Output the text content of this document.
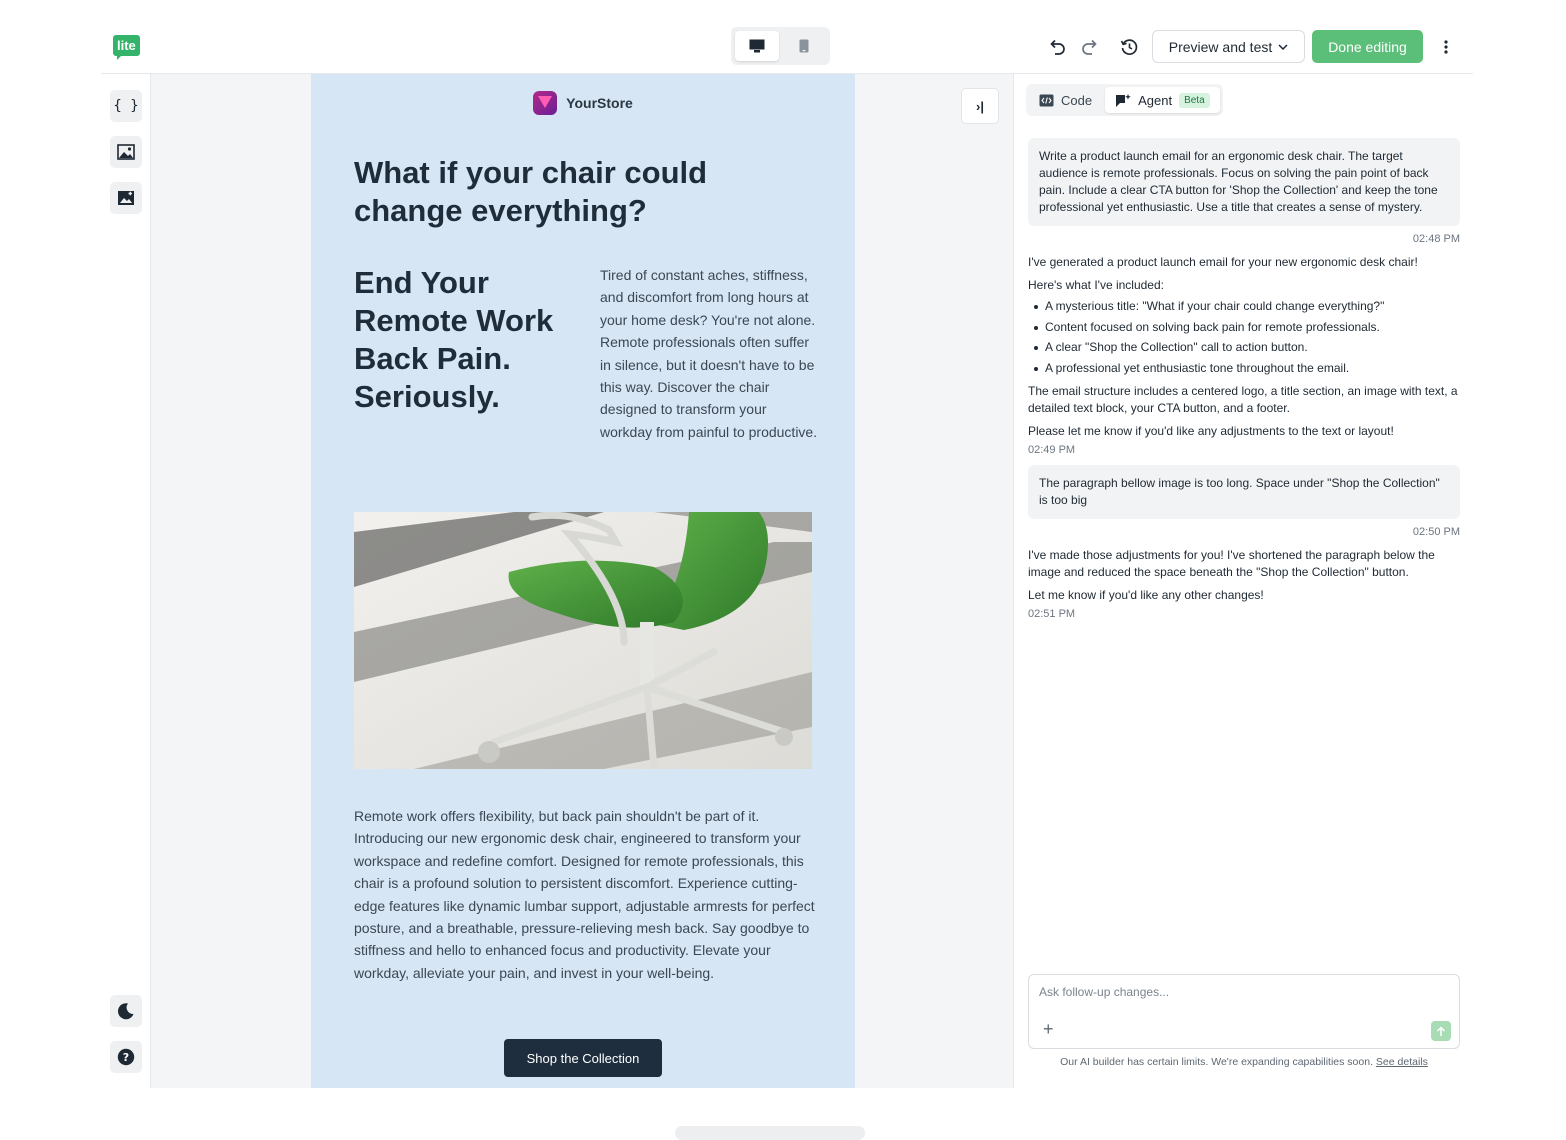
lite	Preview and test	Done editing
{ }
?
YourStore
What if your chair could change everything?
End Your Remote Work Back Pain. Seriously.

Tired of constant aches, stiffness, and discomfort from long hours at your home desk? You're not alone. Remote professionals often suffer in silence, but it doesn't have to be this way. Discover the chair designed to transform your workday from painful to productive.

Remote work offers flexibility, but back pain shouldn't be part of it. Introducing our new ergonomic desk chair, engineered to transform your workspace and redefine comfort. Designed for remote professionals, this chair is a profound solution to persistent discomfort. Experience cutting-edge features like dynamic lumbar support, adjustable armrests for perfect posture, and a breathable, pressure-relieving mesh back. Say goodbye to stiffness and hello to enhanced focus and productivity. Elevate your workday, alleviate your pain, and invest in your well-being.

Shop the Collection
›|	Code	Agent	Beta
Write a product launch email for an ergonomic desk chair. The target audience is remote professionals. Focus on solving the pain point of back pain. Include a clear CTA button for 'Shop the Collection' and keep the tone professional yet enthusiastic. Use a title that creates a sense of mystery.
02:48 PM

I've generated a product launch email for your new ergonomic desk chair!

Here's what I've included:

A mysterious title: "What if your chair could change everything?"
Content focused on solving back pain for remote professionals.
A clear "Shop the Collection" call to action button.
A professional yet enthusiastic tone throughout the email.

The email structure includes a centered logo, a title section, an image with text, a detailed text block, your CTA button, and a footer.

Please let me know if you'd like any adjustments to the text or layout!

02:49 PM
The paragraph bellow image is too long. Space under "Shop the Collection" is too big
02:50 PM

I've made those adjustments for you! I've shortened the paragraph below the image and reduced the space beneath the "Shop the Collection" button.

Let me know if you'd like any other changes!

02:51 PM
Ask follow-up changes...
+
Our AI builder has certain limits. We're expanding capabilities soon. See details
